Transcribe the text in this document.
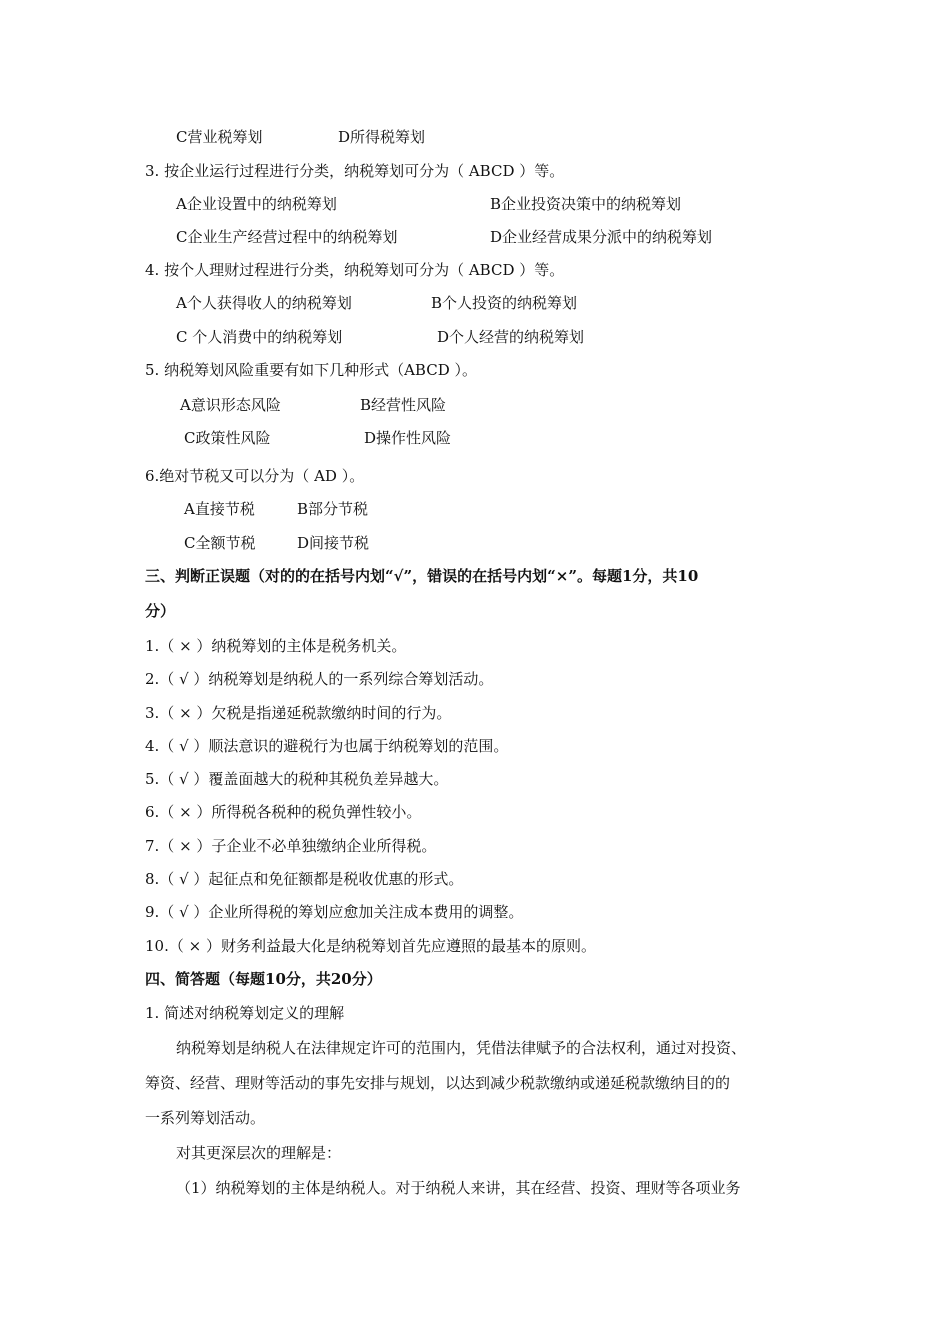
C营业税筹划	D所得税筹划
3. 按企业运行过程进行分类，纳税筹划可分为（ ABCD ）等。
A企业设置中的纳税筹划	B企业投资决策中的纳税筹划
C企业生产经营过程中的纳税筹划	D企业经营成果分派中的纳税筹划
4. 按个人理财过程进行分类，纳税筹划可分为（ ABCD ）等。
A个人获得收人的纳税筹划	B个人投资的纳税筹划
C 个人消费中的纳税筹划	D个人经营的纳税筹划
5. 纳税筹划风险重要有如下几种形式（ABCD ）。
A意识形态风险	B经营性风险
C政策性风险	D操作性风险
6.绝对节税又可以分为（ AD ）。
A直接节税	B部分节税
C全额节税	D间接节税
三、判断正误题（对的的在括号内划“√”，错误的在括号内划“×”。每题1分，共10
分）
1.（ × ）纳税筹划的主体是税务机关。
2.（ √ ）纳税筹划是纳税人的一系列综合筹划活动。
3.（ × ）欠税是指递延税款缴纳时间的行为。
4.（ √ ）顺法意识的避税行为也属于纳税筹划的范围。
5.（ √ ）覆盖面越大的税种其税负差异越大。
6.（ × ）所得税各税种的税负弹性较小。
7.（ × ）子企业不必单独缴纳企业所得税。
8.（ √ ）起征点和免征额都是税收优惠的形式。
9.（ √ ）企业所得税的筹划应愈加关注成本费用的调整。
10.（ × ）财务利益最大化是纳税筹划首先应遵照的最基本的原则。
四、简答题（每题10分，共20分）
1. 简述对纳税筹划定义的理解
纳税筹划是纳税人在法律规定许可的范围内，凭借法律赋予的合法权利，通过对投资、
筹资、经营、理财等活动的事先安排与规划，以达到减少税款缴纳或递延税款缴纳目的的
一系列筹划活动。
对其更深层次的理解是：
（1）纳税筹划的主体是纳税人。对于纳税人来讲，其在经营、投资、理财等各项业务
